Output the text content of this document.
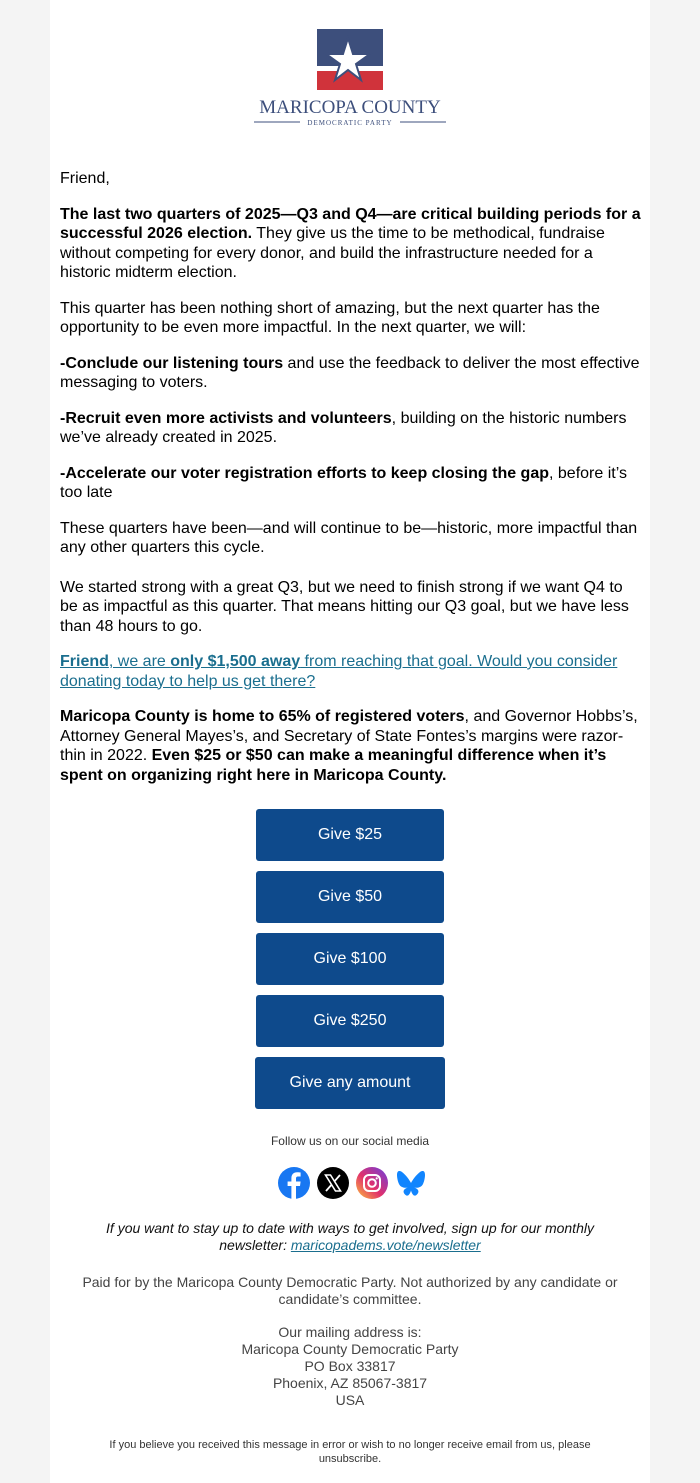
MARICOPA COUNTY
DEMOCRATIC PARTY

Friend,

The last two quarters of 2025—Q3 and Q4—are critical building periods for a successful 2026 election. They give us the time to be methodical, fundraise without competing for every donor, and build the infrastructure needed for a historic midterm election.

This quarter has been nothing short of amazing, but the next quarter has the opportunity to be even more impactful. In the next quarter, we will:

-Conclude our listening tours and use the feedback to deliver the most effective messaging to voters.

-Recruit even more activists and volunteers, building on the historic numbers we’ve already created in 2025.

-Accelerate our voter registration efforts to keep closing the gap, before it’s too late

These quarters have been—and will continue to be—historic, more impactful than any other quarters this cycle.

We started strong with a great Q3, but we need to finish strong if we want Q4 to be as impactful as this quarter. That means hitting our Q3 goal, but we have less than 48 hours to go.

Friend, we are only $1,500 away from reaching that goal. Would you consider donating today to help us get there?

Maricopa County is home to 65% of registered voters, and Governor Hobbs’s, Attorney General Mayes’s, and Secretary of State Fontes’s margins were razor-thin in 2022. Even $25 or $50 can make a meaningful difference when it’s spent on organizing right here in Maricopa County.

Give $25
Give $50
Give $100
Give $250
Give any amount
Follow us on our social media
If you want to stay up to date with ways to get involved, sign up for our monthly newsletter: maricopadems.vote/newsletter
Paid for by the Maricopa County Democratic Party. Not authorized by any candidate or candidate’s committee.
Our mailing address is:
Maricopa County Democratic Party
PO Box 33817
Phoenix, AZ 85067-3817
USA
If you believe you received this message in error or wish to no longer receive email from us, please unsubscribe.
